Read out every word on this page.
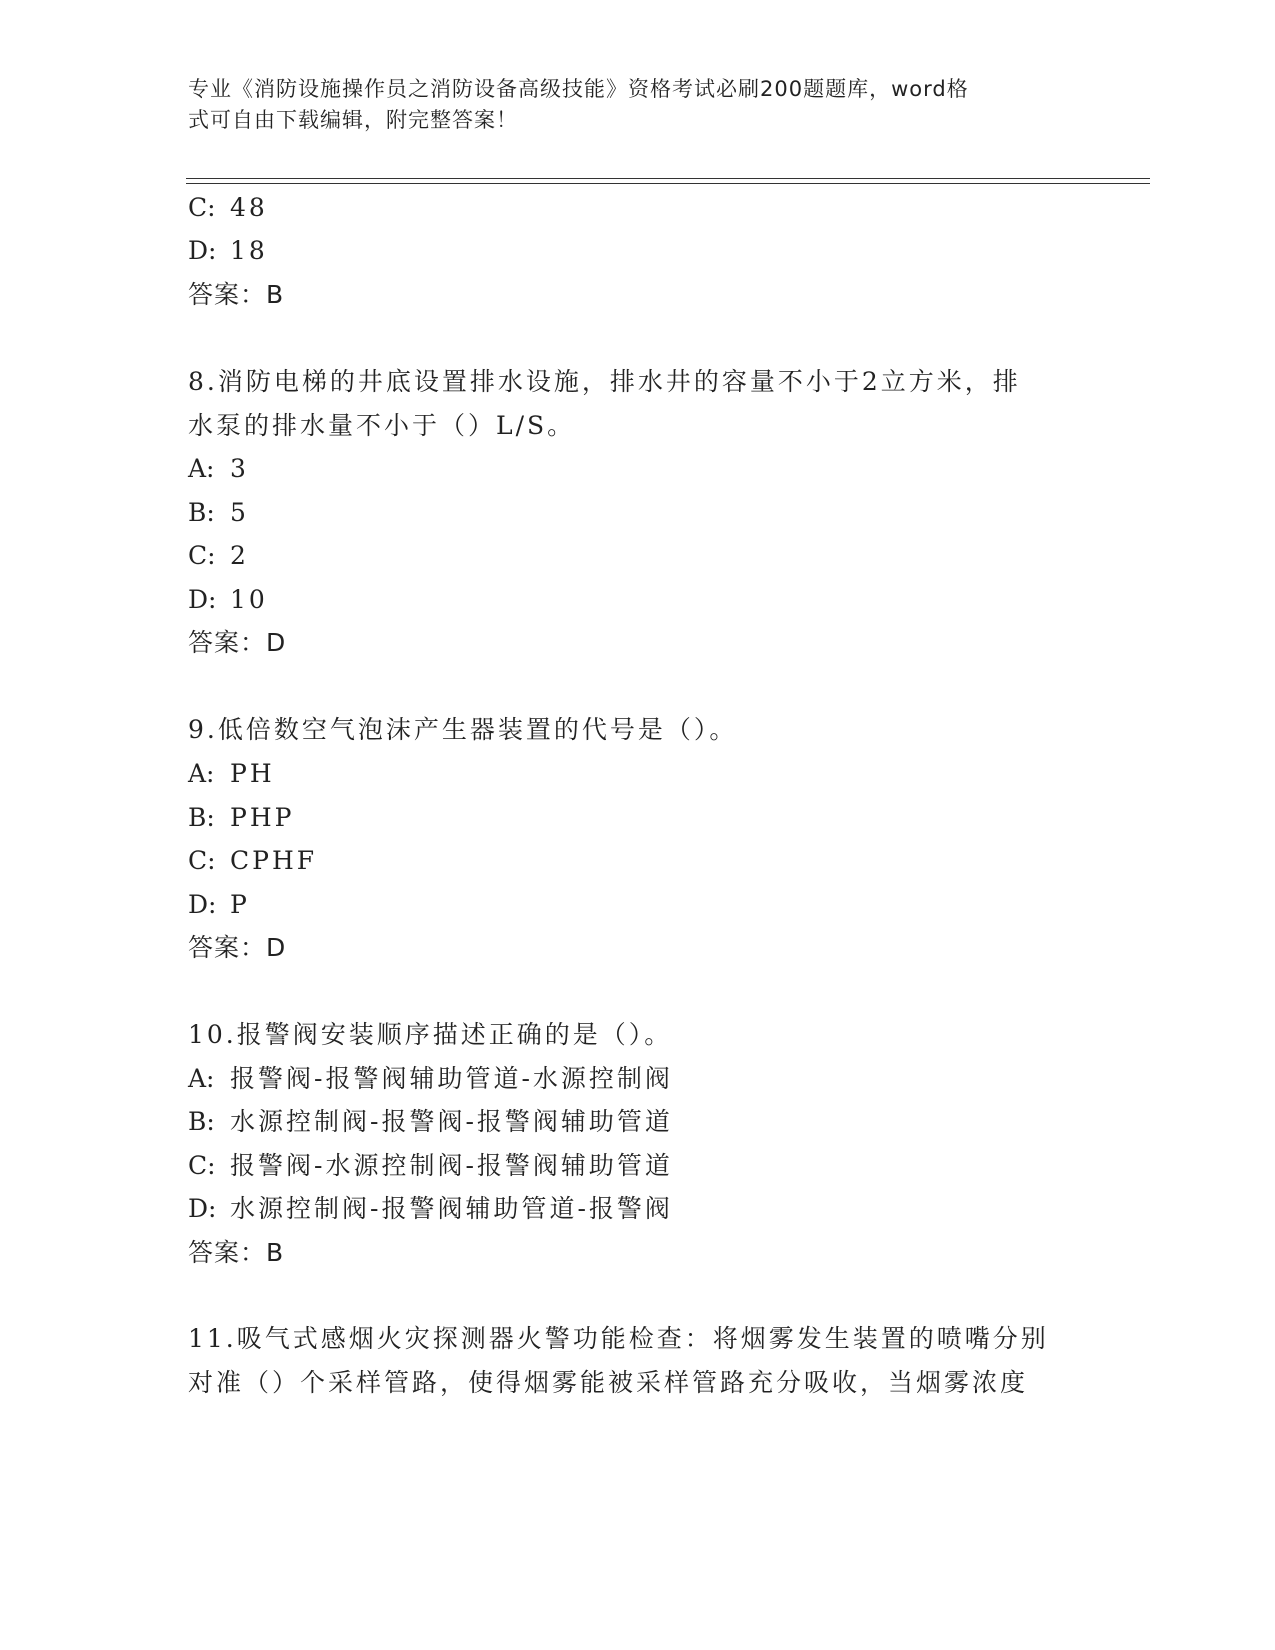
专业《消防设施操作员之消防设备高级技能》资格考试必刷200题题库，word格
式可自由下载编辑，附完整答案！
C: 48
D: 18
答案：B
8.消防电梯的井底设置排水设施，排水井的容量不小于2立方米，排
水泵的排水量不小于（）L/S。
A: 3
B: 5
C: 2
D: 10
答案：D
9.低倍数空气泡沫产生器装置的代号是（）。
A: PH
B: PHP
C: CPHF
D: P
答案：D
10.报警阀安装顺序描述正确的是（）。
A: 报警阀-报警阀辅助管道-水源控制阀
B: 水源控制阀-报警阀-报警阀辅助管道
C: 报警阀-水源控制阀-报警阀辅助管道
D: 水源控制阀-报警阀辅助管道-报警阀
答案：B
11.吸气式感烟火灾探测器火警功能检查：将烟雾发生装置的喷嘴分别
对准（）个采样管路，使得烟雾能被采样管路充分吸收，当烟雾浓度
